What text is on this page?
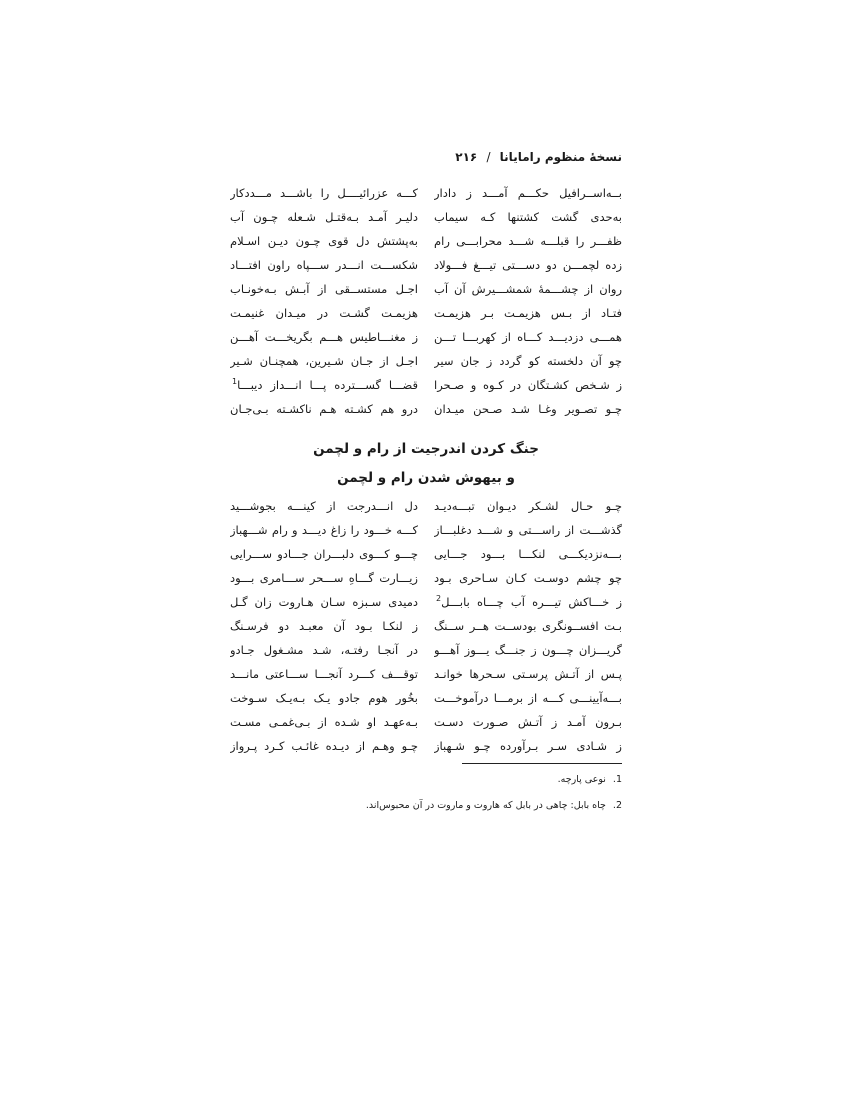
نسخهٔ منظوم رامایانا / ۲۱۶
بــه‌اســرافیل حکـــم آمـــد ز دادار
کـــه عزرائیــــل را باشـــد مـــددکار
به‌حدی گشت کشتنها کـه سیماب
دلیـر آمـد بـه‌قتـل شـعله چـون آب
ظفـــر را قبلـــه شـــد محرابـــی رام
به‌پشتش دل قوی چـون دیـن اسـلام
زده لچمـــن دو دســـتی تیـــغ فـــولاد
شکســـت انـــدر ســـپاه راون افتـــاد
روان از چشـــمهٔ شمشـــیرش آن آب
اجـل مستســقی از آبـش بـه‌خونـاب
فتـاد از بـس هزیمـت بـر هزیمـت
هزیمـت گشـت در میـدان غنیمـت
همـــی دزدیـــد کـــاه از کهربـــا تـــن
ز مغنـــاطیس هـــم بگریخـــت آهـــن
چو آن دلخسته کو گردد ز جان سیر
اجـل از جـان شـیرین، همچنـان شـیر
ز شـخص کشـتگان در کـوه و صـحرا
قضـــا گســـترده پـــا انـــداز دیبـــا$^1$
چـو تصـویر وغـا شـد صـحن میـدان
درو هم کشـته هـم ناکشـته بـی‌جـان
جنگ کردن اندرجیت از رام و لچمن
و بیهوش شدن رام و لچمن
چـو حـال لشـکر دیـوان تبـــه‌دیـد
دل انـــدرجت از کینـــه بجوشـــید
گذشـــت از راســـتی و شـــد دغلبـــاز
کـــه خـــود را زاغ دیـــد و رام شـــهباز
بـــه‌نزدیکـــی لنکـــا بـــود جـــایی
چـــو کـــوی دلبـــران جـــادو ســـرایی
چو چشم دوسـت کـان سـاحری بـود
زیـــارت گـــاهِ ســـحر ســـامری بـــود
ز خـــاکش تیـــره آب چـــاه بابـــل$^2$
دمیدی سـبزه سـان هـاروت زان گـل
بـت افســونگری بودســت هــر ســنگ
ز لنکـا بـود آن معبـد دو فرسـنگ
گریـــزان چـــون ز جنـــگ یـــوز آهـــو
در آنجـا رفتـه، شـد مشـغول جـادو
پـس از آتـش پرسـتی سـحرها خوانـد
توقـــف کـــرد آنجـــا ســـاعتی مانـــد
بـــه‌آیینـــی کـــه از برمـــا درآموخـــت
بخُور هوم جادو یـک بـه‌یـک سـوخت
بـرون آمـد ز آتـش صـورت دسـت
بـه‌عهـد او شـده از بـی‌غمـی مسـت
ز شـادی سـر بـرآورده چـو شـهباز
چـو وهـم از دیـده غائـب کـرد پـرواز
1. نوعی پارچه.
2. چاه بابل: چاهی در بابل که هاروت و ماروت در آن محبوس‌اند.
